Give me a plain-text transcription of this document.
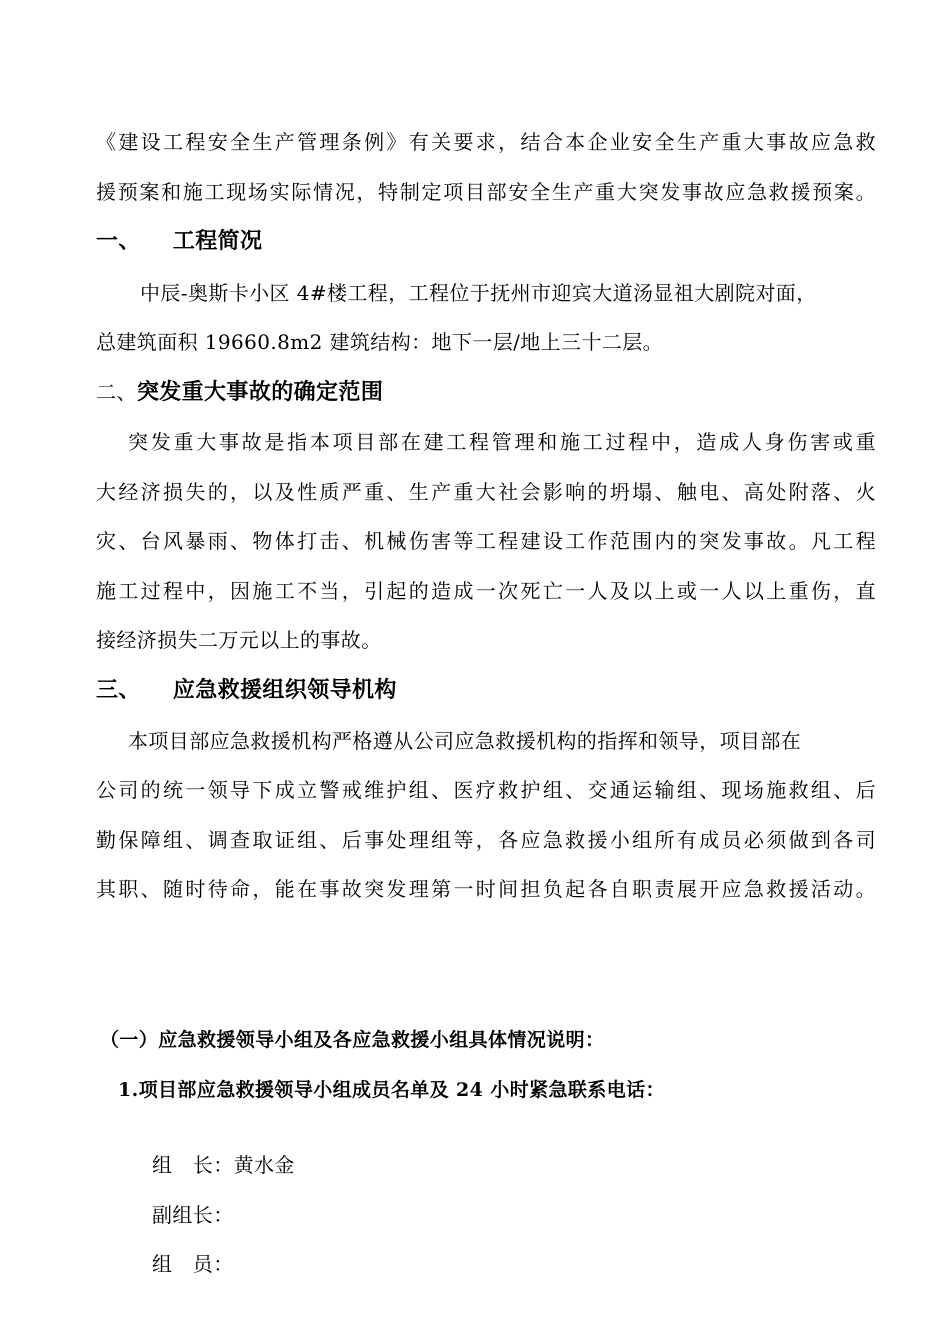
《建设工程安全生产管理条例》有关要求，结合本企业安全生产重大事故应急救
援预案和施工现场实际情况，特制定项目部安全生产重大突发事故应急救援预案。
一、 工程简况
中辰-奥斯卡小区 4#楼工程，工程位于抚州市迎宾大道汤显祖大剧院对面，
总建筑面积 19660.8m2 建筑结构：地下一层/地上三十二层。
二、突发重大事故的确定范围
突发重大事故是指本项目部在建工程管理和施工过程中，造成人身伤害或重
大经济损失的，以及性质严重、生产重大社会影响的坍塌、触电、高处附落、火
灾、台风暴雨、物体打击、机械伤害等工程建设工作范围内的突发事故。凡工程
施工过程中，因施工不当，引起的造成一次死亡一人及以上或一人以上重伤，直
接经济损失二万元以上的事故。
三、 应急救援组织领导机构
本项目部应急救援机构严格遵从公司应急救援机构的指挥和领导，项目部在
公司的统一领导下成立警戒维护组、医疗救护组、交通运输组、现场施救组、后
勤保障组、调查取证组、后事处理组等，各应急救援小组所有成员必须做到各司
其职、随时待命，能在事故突发理第一时间担负起各自职责展开应急救援活动。
（一）应急救援领导小组及各应急救援小组具体情况说明：
1.项目部应急救援领导小组成员名单及 24 小时紧急联系电话：
组　长：黄水金
副组长：
组　员：
